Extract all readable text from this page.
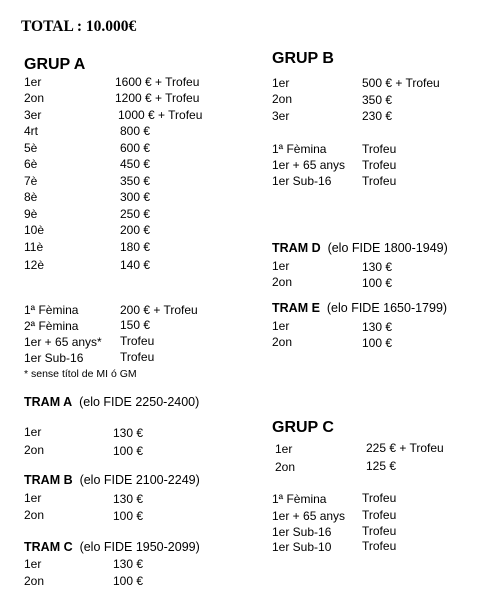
TOTAL : 10.000€
GRUP A
1er	1600 € + Trofeu
2on	1200 € + Trofeu
3er	1000 € + Trofeu
4rt	800 €
5è	600 €
6è	450 €
7è	350 €
8è	300 €
9è	250 €
10è	200 €
11è	180 €
12è	140 €
1ª Fèmina	200 € + Trofeu
2ª Fèmina	150 €
1er + 65 anys* Trofeu
1er Sub-16	Trofeu
* sense títol de MI ó GM
TRAM A (elo FIDE 2250-2400)
1er	130 €
2on	100 €
TRAM B (elo FIDE 2100-2249)
1er	130 €
2on	100 €
TRAM C (elo FIDE 1950-2099)
1er	130 €
2on	100 €
GRUP B
1er	500 € + Trofeu
2on	350 €
3er	230 €
1ª Fèmina	Trofeu
1er + 65 anys Trofeu
1er Sub-16	Trofeu
TRAM D (elo FIDE 1800-1949)
1er	130 €
2on	100 €
TRAM E (elo FIDE 1650-1799)
1er	130 €
2on	100 €
GRUP C
1er	225 € + Trofeu
2on	125 €
1ª Fèmina	Trofeu
1er + 65 anys Trofeu
1er Sub-16	Trofeu
1er Sub-10	Trofeu
